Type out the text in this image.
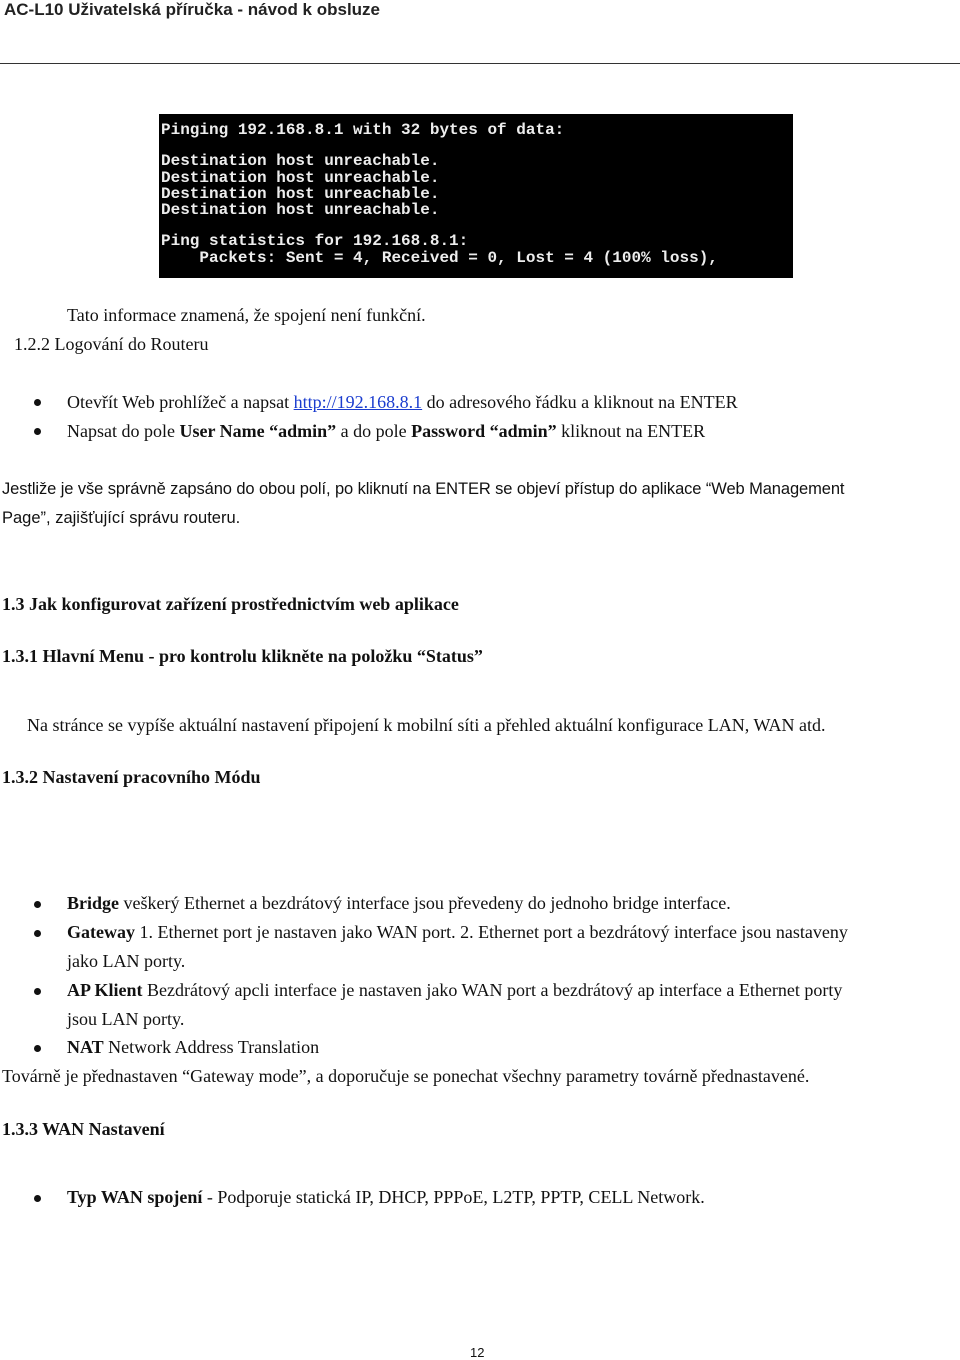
AC-L10 Uživatelská příručka - návod k obsluze
Pinging 192.168.8.1 with 32 bytes of data:
Destination host unreachable.
Destination host unreachable.
Destination host unreachable.
Destination host unreachable.
Ping statistics for 192.168.8.1:
Packets: Sent = 4, Received = 0, Lost = 4 (100% loss),
Tato informace znamená, že spojení není funkční.
1.2.2 Logování do Routeru
Otevřít Web prohlížeč a napsat http://192.168.8.1 do adresového řádku a kliknout na ENTER
Napsat do pole User Name “admin” a do pole Password “admin” kliknout na ENTER
Jestliže je vše správně zapsáno do obou polí, po kliknutí na ENTER se objeví přístup do aplikace “Web Management
Page”, zajišťující správu routeru.
1.3 Jak konfigurovat zařízení prostřednictvím web aplikace
1.3.1 Hlavní Menu - pro kontrolu klikněte na položku “Status”
Na stránce se vypíše aktuální nastavení připojení k mobilní síti a přehled aktuální konfigurace LAN, WAN atd.
1.3.2 Nastavení pracovního Módu
Bridge veškerý Ethernet a bezdrátový interface jsou převedeny do jednoho bridge interface.
Gateway 1. Ethernet port je nastaven jako WAN port. 2. Ethernet port a bezdrátový interface jsou nastaveny
jako LAN porty.
AP Klient Bezdrátový apcli interface je nastaven jako WAN port a bezdrátový ap interface a Ethernet porty
jsou LAN porty.
NAT Network Address Translation
Továrně je přednastaven “Gateway mode”, a doporučuje se ponechat všechny parametry továrně přednastavené.
1.3.3 WAN Nastavení
Typ WAN spojení - Podporuje statická IP, DHCP, PPPoE, L2TP, PPTP, CELL Network.
12
